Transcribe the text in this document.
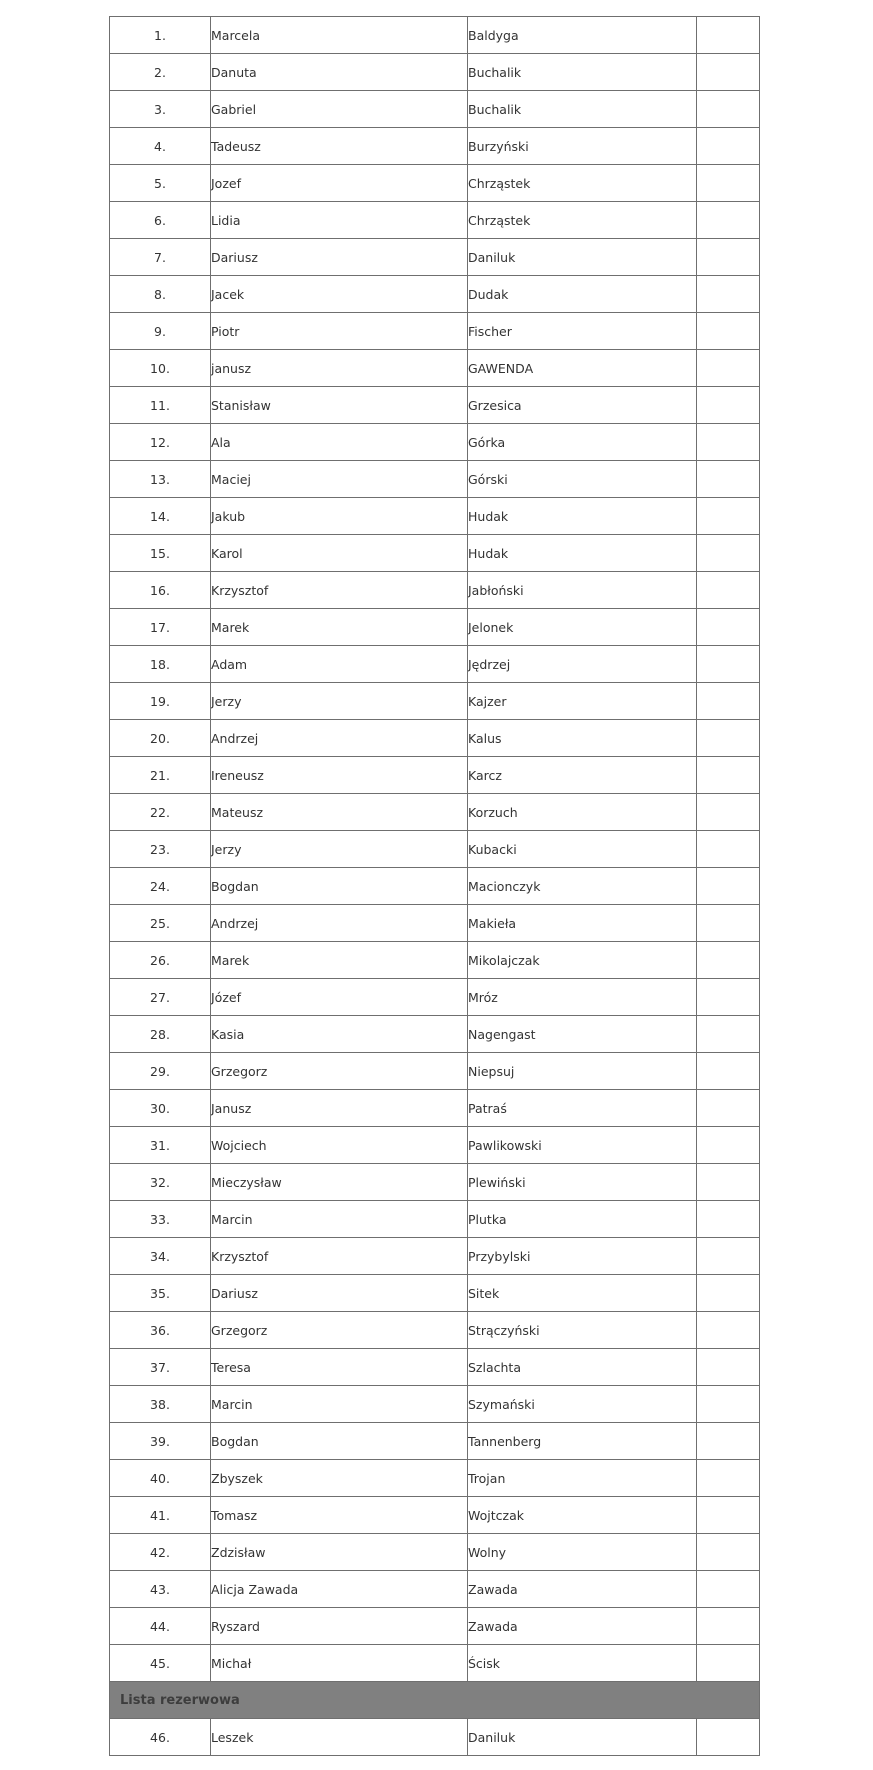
1.	Marcela	Baldyga	
2.	Danuta	Buchalik	
3.	Gabriel	Buchalik	
4.	Tadeusz	Burzyński	
5.	Jozef	Chrząstek	
6.	Lidia	Chrząstek	
7.	Dariusz	Daniluk	
8.	Jacek	Dudak	
9.	Piotr	Fischer	
10.	janusz	GAWENDA	
11.	Stanisław	Grzesica	
12.	Ala	Górka	
13.	Maciej	Górski	
14.	Jakub	Hudak	
15.	Karol	Hudak	
16.	Krzysztof	Jabłoński	
17.	Marek	Jelonek	
18.	Adam	Jędrzej	
19.	Jerzy	Kajzer	
20.	Andrzej	Kalus	
21.	Ireneusz	Karcz	
22.	Mateusz	Korzuch	
23.	Jerzy	Kubacki	
24.	Bogdan	Macionczyk	
25.	Andrzej	Makieła	
26.	Marek	Mikolajczak	
27.	Józef	Mróz	
28.	Kasia	Nagengast	
29.	Grzegorz	Niepsuj	
30.	Janusz	Patraś	
31.	Wojciech	Pawlikowski	
32.	Mieczysław	Plewiński	
33.	Marcin	Plutka	
34.	Krzysztof	Przybylski	
35.	Dariusz	Sitek	
36.	Grzegorz	Strączyński	
37.	Teresa	Szlachta	
38.	Marcin	Szymański	
39.	Bogdan	Tannenberg	
40.	Zbyszek	Trojan	
41.	Tomasz	Wojtczak	
42.	Zdzisław	Wolny	
43.	Alicja Zawada	Zawada	
44.	Ryszard	Zawada	
45.	Michał	Ścisk	
Lista rezerwowa			
46.	Leszek	Daniluk	
